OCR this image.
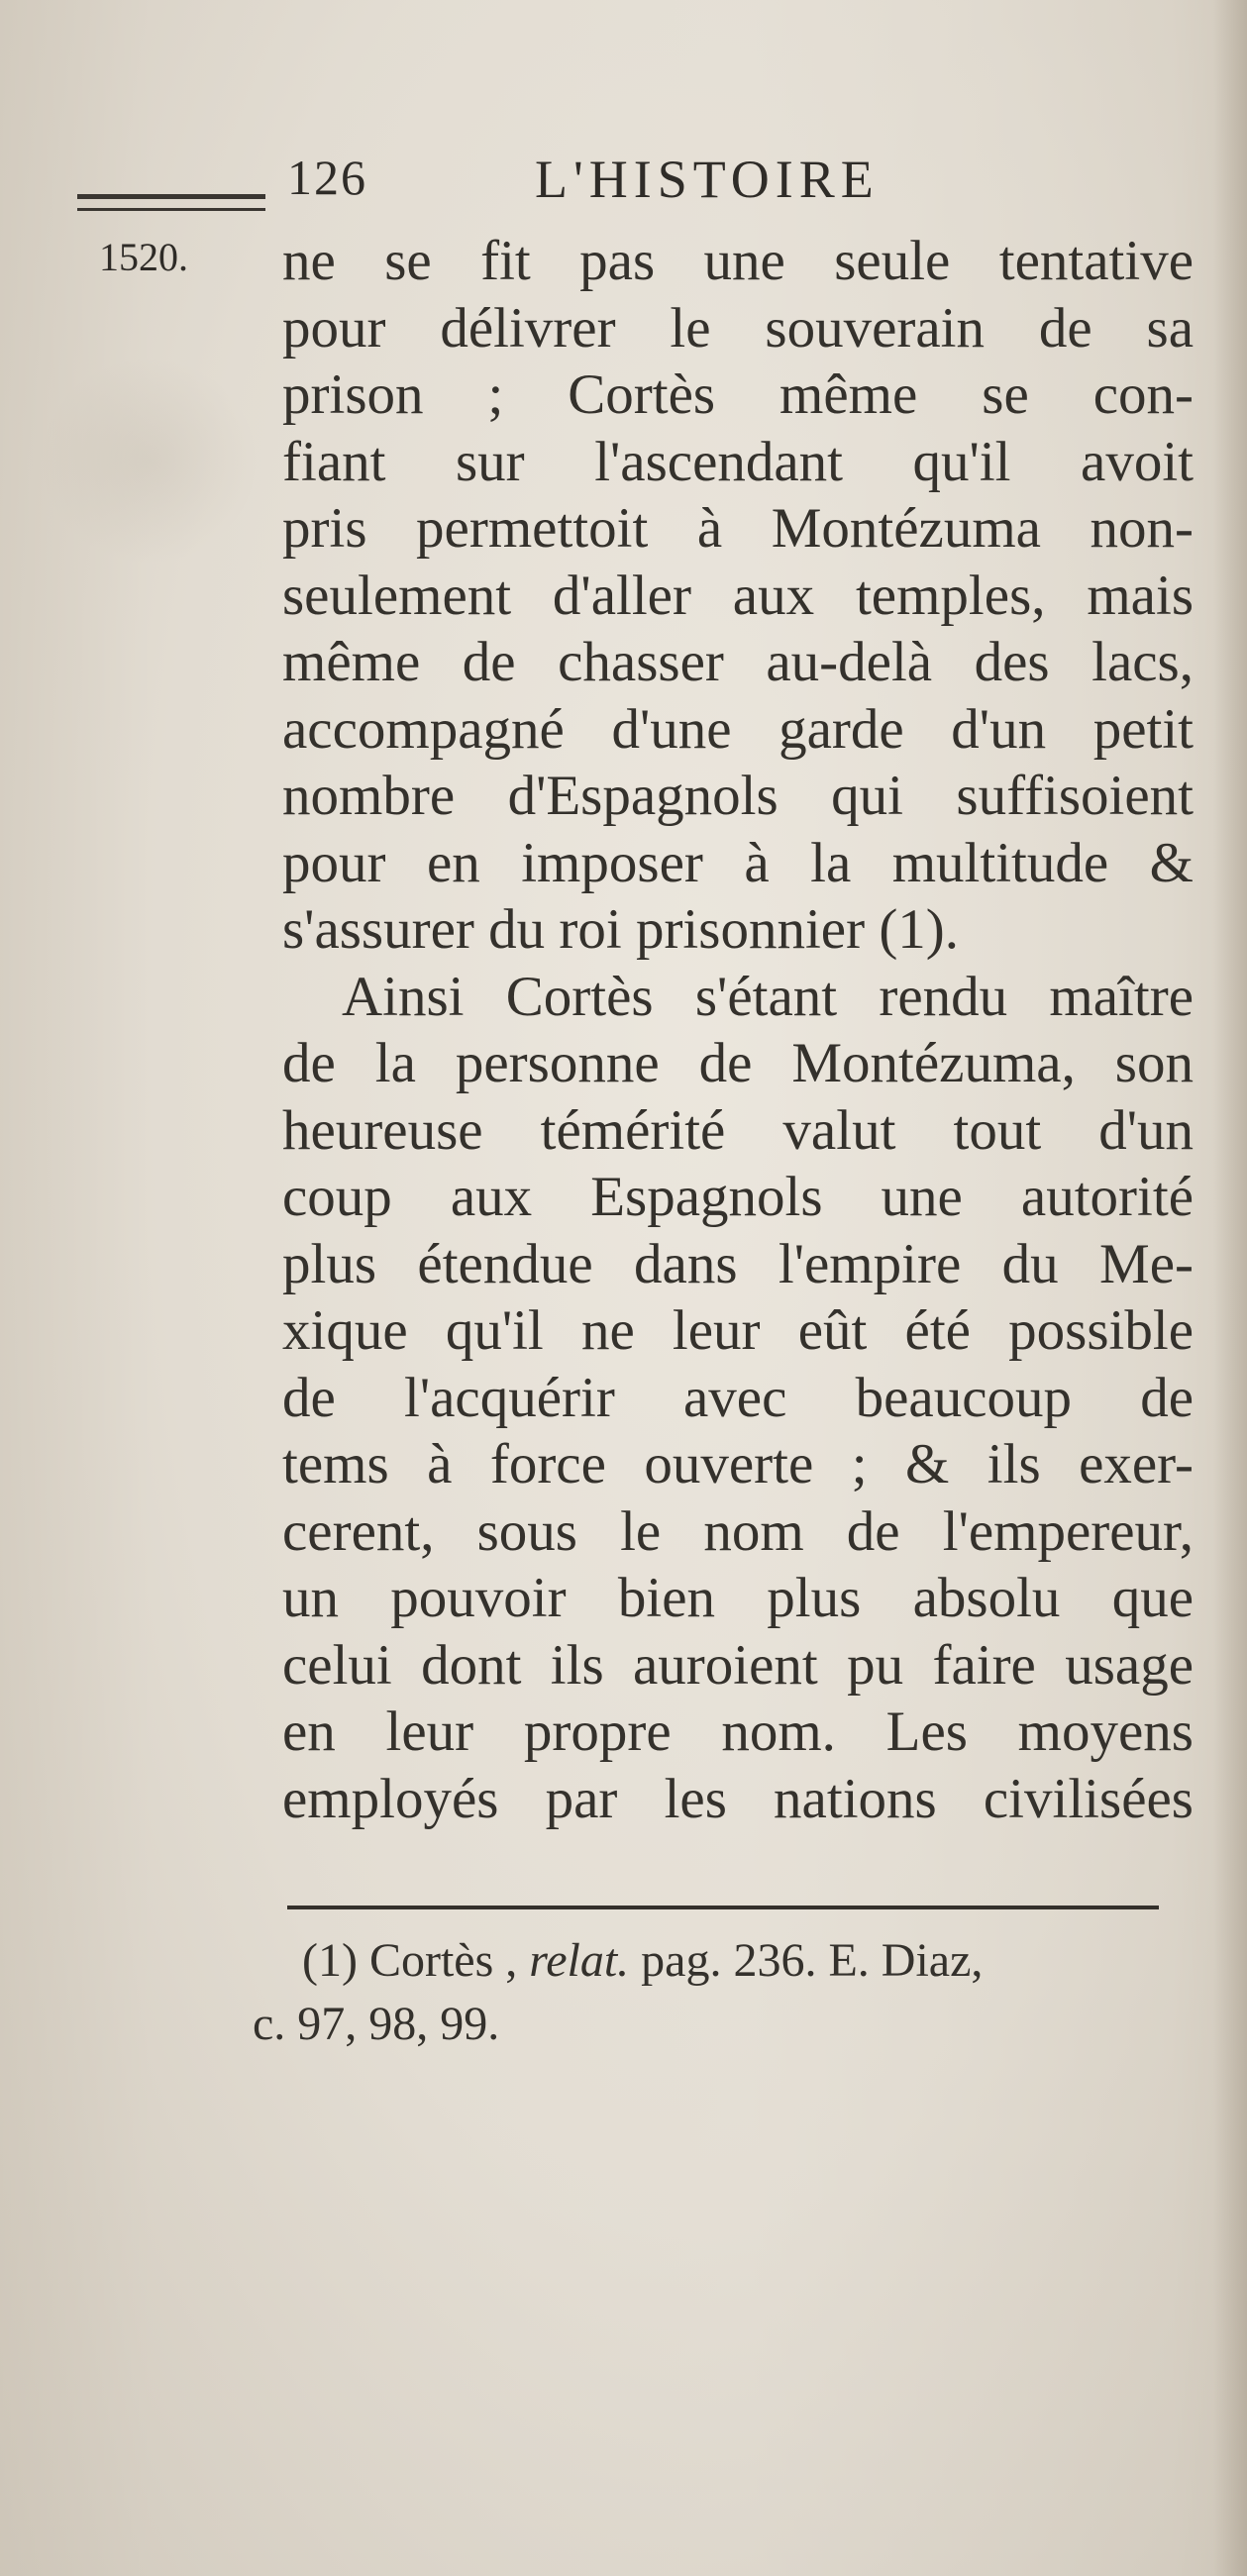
126	L'HISTOIRE
1520. ne se fit pas une seule tentative
pour délivrer le souverain de sa
prison ; Cortès même se con-
fiant sur l'ascendant qu'il avoit
pris permettoit à Montézuma non-
seulement d'aller aux temples, mais
même de chasser au-delà des lacs,
accompagné d'une garde d'un petit
nombre d'Espagnols qui suffisoient
pour en imposer à la multitude &
s'assurer du roi prisonnier (1).
Ainsi Cortès s'étant rendu maître
de la personne de Montézuma, son
heureuse témérité valut tout d'un
coup aux Espagnols une autorité
plus étendue dans l'empire du Me-
xique qu'il ne leur eût été possible
de l'acquérir avec beaucoup de
tems à force ouverte ; & ils exer-
cerent, sous le nom de l'empereur,
un pouvoir bien plus absolu que
celui dont ils auroient pu faire usage
en leur propre nom. Les moyens
employés par les nations civilisées
(1) Cortès , relat. pag. 236. E. Diaz,
c. 97, 98, 99.
